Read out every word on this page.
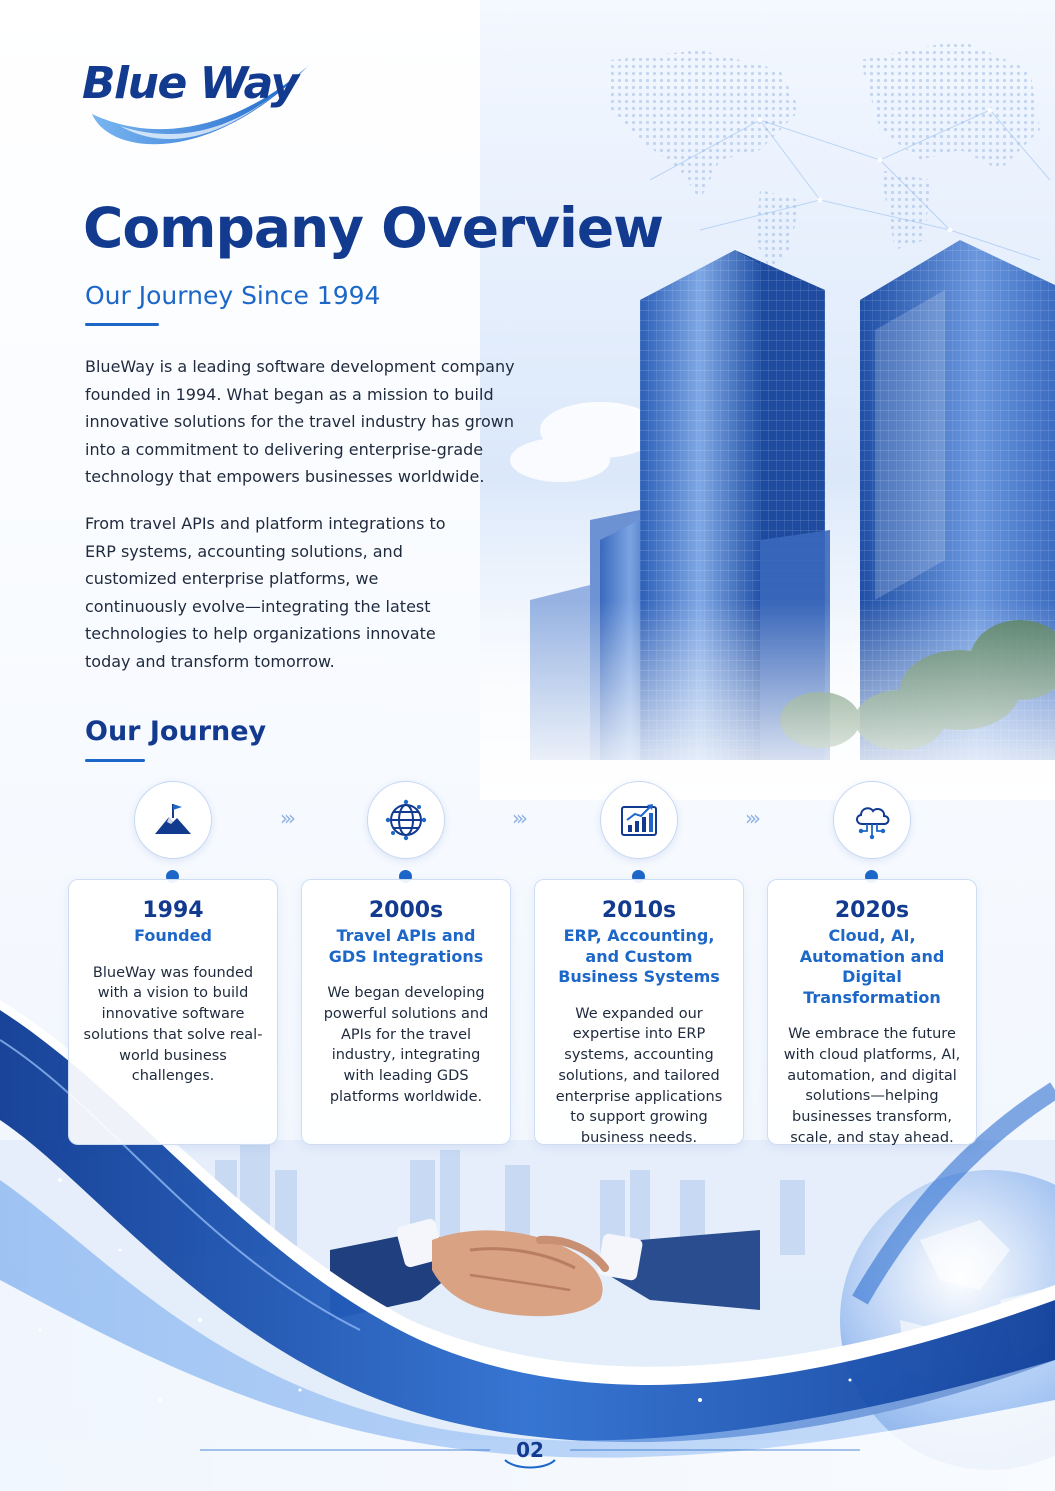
Blue Way

Company Overview
Our Journey Since 1994

BlueWay is a leading software development company founded in 1994. What began as a mission to build innovative solutions for the travel industry has grown into a commitment to delivering enterprise-grade technology that empowers businesses worldwide.

From travel APIs and platform integrations to ERP systems, accounting solutions, and customized enterprise platforms, we continuously evolve—integrating the latest technologies to help organizations innovate today and transform tomorrow.

Our Journey
›››	›››	›››

1994

Founded

BlueWay was founded with a vision to build innovative software solutions that solve real-world business challenges.

2000s

Travel APIs and GDS Integrations

We began developing powerful solutions and APIs for the travel industry, integrating with leading GDS platforms worldwide.

2010s

ERP, Accounting, and Custom Business Systems

We expanded our expertise into ERP systems, accounting solutions, and tailored enterprise applications to support growing business needs.

2020s

Cloud, AI, Automation and Digital Transformation

We embrace the future with cloud platforms, AI, automation, and digital solutions—helping businesses transform, scale, and stay ahead.

02
